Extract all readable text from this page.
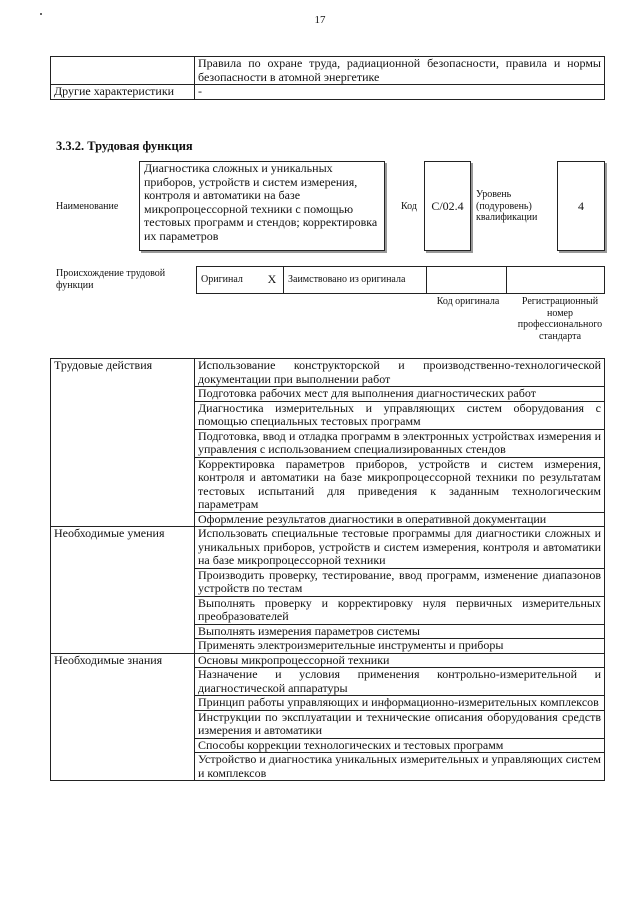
17
	Правила по охране труда, радиационной безопасности, правила и нормы безопасности в атомной энергетике
Другие характеристики	-
3.3.2. Трудовая функция
Наименование
Диагностика сложных и уникальных приборов, устройств и систем измерения, контроля и автоматики на базе микропроцессорной техники с помощью тестовых программ и стендов; корректировка их параметров
Код	C/02.4
Уровень (подуровень) квалификации
4
Происхождение трудовой функции	Оригинал	X	Заимствовано из оригинала		
Код оригинала	Регистрационный номер профессионального стандарта
Трудовые действия	Использование конструкторской и производственно-технологической документации при выполнении работ
	Подготовка рабочих мест для выполнения диагностических работ
	Диагностика измерительных и управляющих систем оборудования с помощью специальных тестовых программ
	Подготовка, ввод и отладка программ в электронных устройствах измерения и управления с использованием специализированных стендов
	Корректировка параметров приборов, устройств и систем измерения, контроля и автоматики на базе микропроцессорной техники по результатам тестовых испытаний для приведения к заданным технологическим параметрам
	Оформление результатов диагностики в оперативной документации
Необходимые умения	Использовать специальные тестовые программы для диагностики сложных и уникальных приборов, устройств и систем измерения, контроля и автоматики на базе микропроцессорной техники
	Производить проверку, тестирование, ввод программ, изменение диапазонов устройств по тестам
	Выполнять проверку и корректировку нуля первичных измерительных преобразователей
	Выполнять измерения параметров системы
	Применять электроизмерительные инструменты и приборы
Необходимые знания	Основы микропроцессорной техники
	Назначение и условия применения контрольно-измерительной и диагностической аппаратуры
	Принцип работы управляющих и информационно-измерительных комплексов
	Инструкции по эксплуатации и технические описания оборудования средств измерения и автоматики
	Способы коррекции технологических и тестовых программ
	Устройство и диагностика уникальных измерительных и управляющих систем и комплексов
